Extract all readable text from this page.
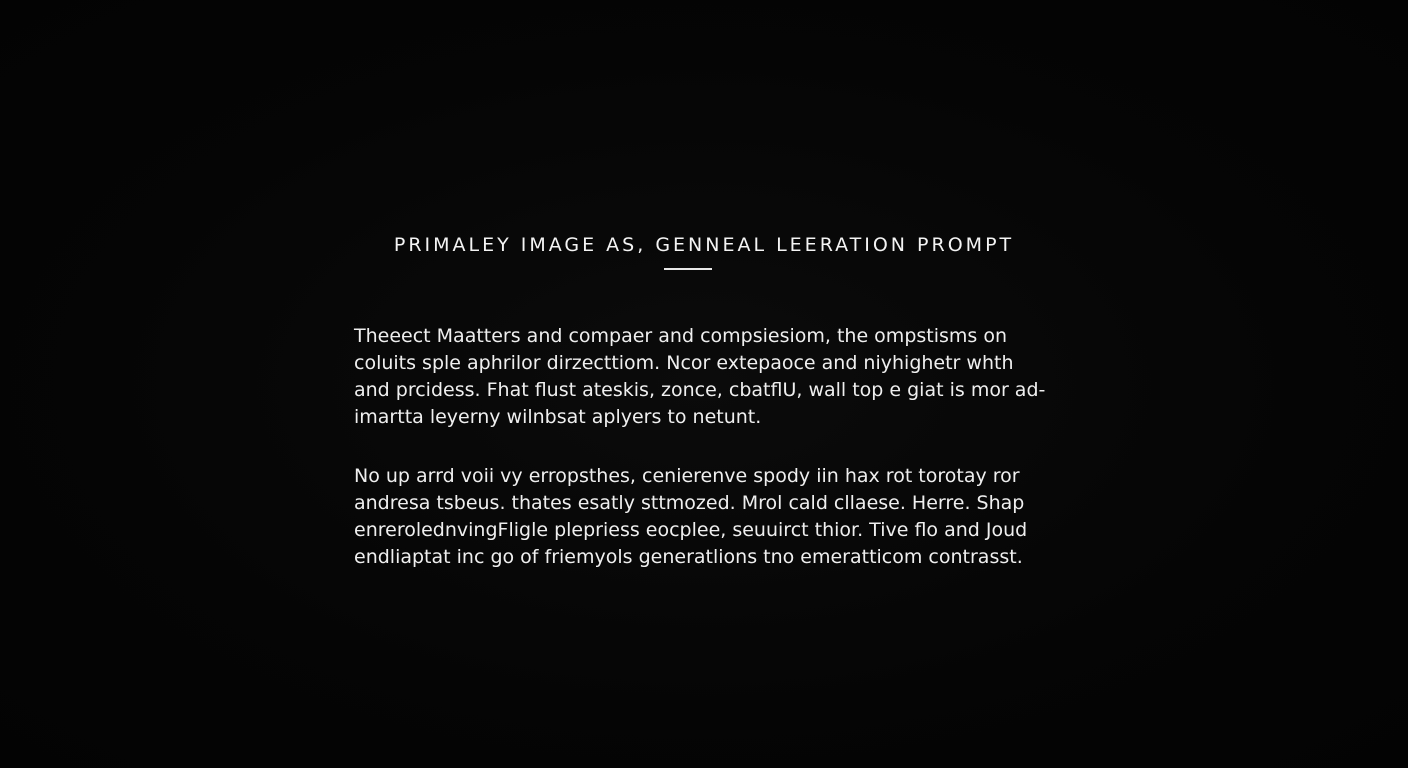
PRIMALEY IMAGE AS, GENNEAL LEERATION PROMPT
Theeect Maatters and compaer and compsiesiom, the ompstisms on
coluits sple aphrilor dirzecttiom. Ncor extepaoce and niyhighetr whth
and prcidess. Fhat flust ateskis, zonce, cbatflU, wall top e giat is mor ad-
imartta leyerny wilnbsat aplyers to netunt.
No up arrd voii vy erropsthes, cenierenve spody iin hax rot torotay ror
andresa tsbeus. thates esatly sttmozed. Mrol cald cllaese. Herre. Shap
enrerolednvingFligle plepriess eocplee, seuuirct thior. Tive flo and Joud
endliaptat inc go of friemyols generatlions tno emeratticom contrasst.
